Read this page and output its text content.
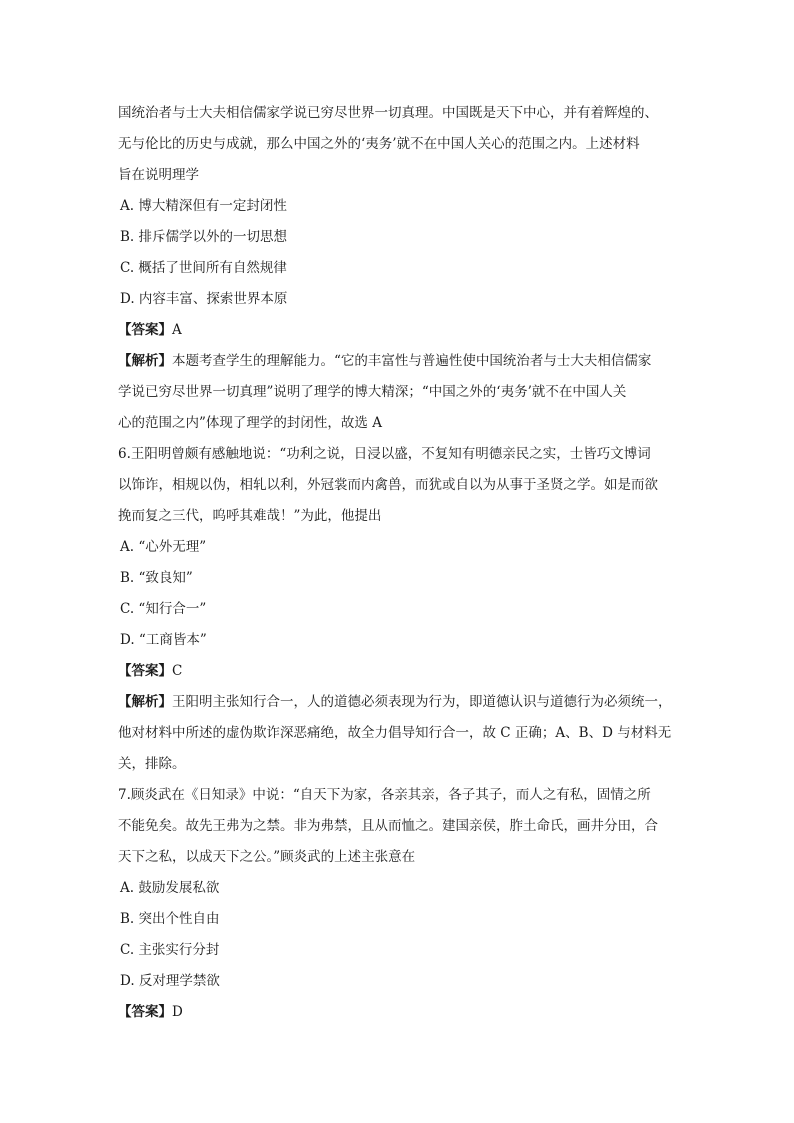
国统治者与士大夫相信儒家学说已穷尽世界一切真理。中国既是天下中心，并有着辉煌的、
无与伦比的历史与成就，那么中国之外的‘夷务’就不在中国人关心的范围之内。上述材料
旨在说明理学
A. 博大精深但有一定封闭性
B. 排斥儒学以外的一切思想
C. 概括了世间所有自然规律
D. 内容丰富、探索世界本原
【答案】A
【解析】本题考查学生的理解能力。“它的丰富性与普遍性使中国统治者与士大夫相信儒家
学说已穷尽世界一切真理”说明了理学的博大精深；“中国之外的‘夷务’就不在中国人关
心的范围之内”体现了理学的封闭性，故选 A
6.王阳明曾颇有感触地说：“功利之说，日浸以盛，不复知有明德亲民之实，士皆巧文博词
以饰诈，相规以伪，相轧以利，外冠裳而内禽兽，而犹或自以为从事于圣贤之学。如是而欲
挽而复之三代，呜呼其难哉！”为此，他提出
A. “心外无理”
B. “致良知”
C. “知行合一”
D. “工商皆本”
【答案】C
【解析】王阳明主张知行合一，人的道德必须表现为行为，即道德认识与道德行为必须统一，
他对材料中所述的虚伪欺诈深恶痛绝，故全力倡导知行合一，故 C 正确；A、B、D 与材料无
关，排除。
7.顾炎武在《日知录》中说：“自天下为家，各亲其亲，各子其子，而人之有私，固情之所
不能免矣。故先王弗为之禁。非为弗禁，且从而恤之。建国亲侯，胙土命氏，画井分田，合
天下之私，以成天下之公。”顾炎武的上述主张意在
A. 鼓励发展私欲
B. 突出个性自由
C. 主张实行分封
D. 反对理学禁欲
【答案】D
